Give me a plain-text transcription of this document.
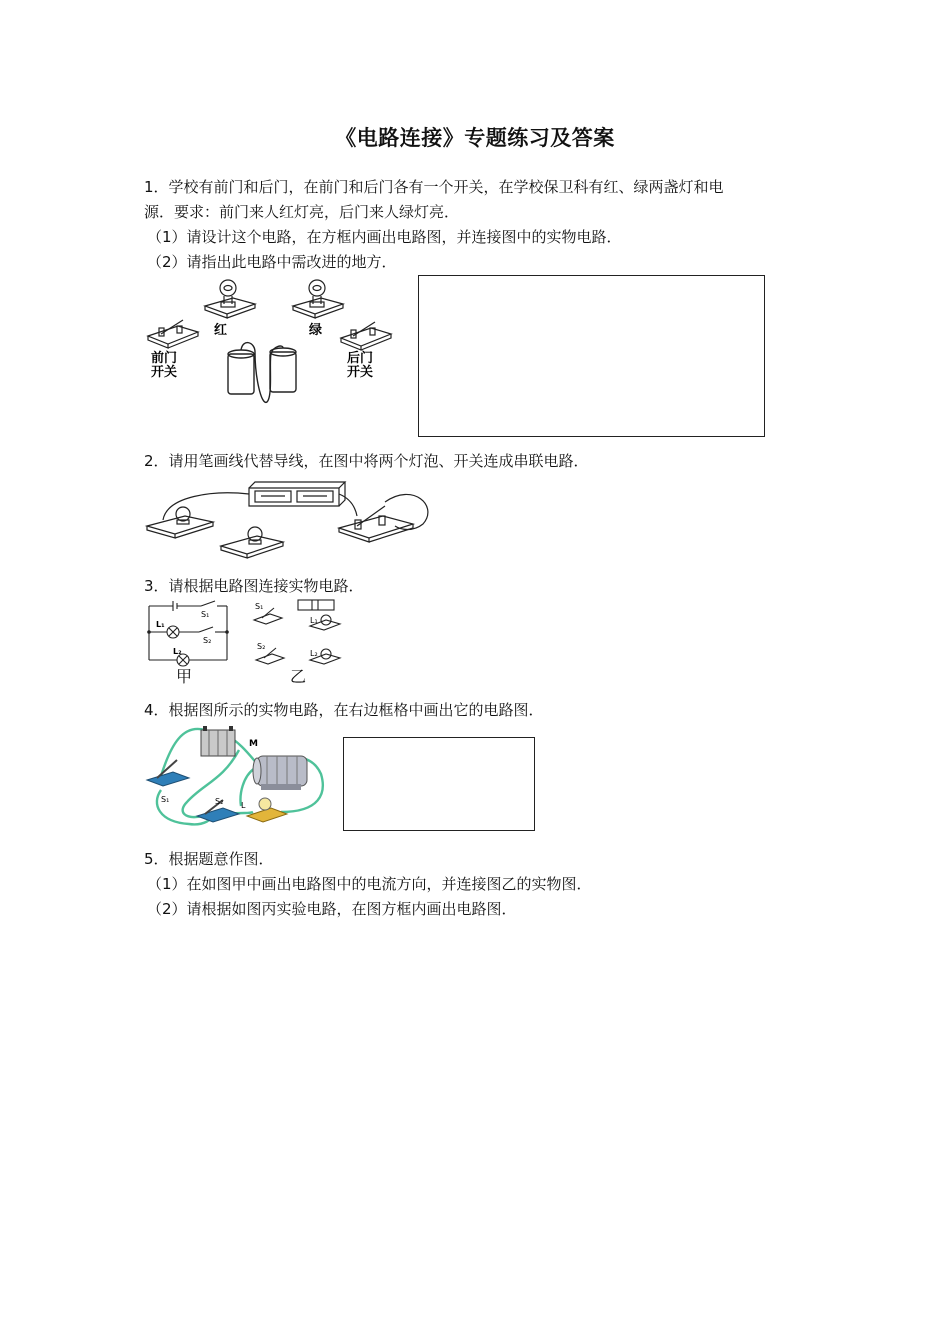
《电路连接》专题练习及答案
1．学校有前门和后门，在前门和后门各有一个开关，在学校保卫科有红、绿两盏灯和电
源．要求：前门来人红灯亮，后门来人绿灯亮．
（1）请设计这个电路，在方框内画出电路图，并连接图中的实物电路．
（2）请指出此电路中需改进的地方．
前门
开关
红	绿
后门
开关
2．请用笔画线代替导线，在图中将两个灯泡、开关连成串联电路．
3．请根据电路图连接实物电路．
S₁
L₁
S₂
L₂
甲
S₁
L₁
S₂
L₂
乙
4．根据图所示的实物电路，在右边框格中画出它的电路图．
M
S₁	S₂ L
5．根据题意作图．
（1）在如图甲中画出电路图中的电流方向，并连接图乙的实物图．
（2）请根据如图丙实验电路，在图方框内画出电路图．
